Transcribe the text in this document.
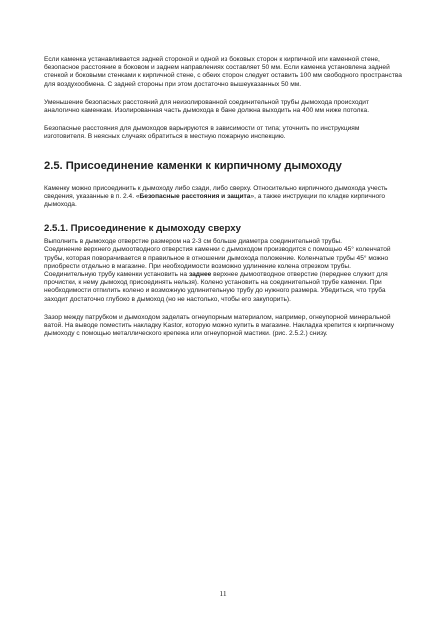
Если каменка устанавливается задней стороной и одной из боковых сторон к кирпичной иги каменной стене, безопасное расстояние в боковом и заднем направлениях составляет 50 мм. Если каменка установлена задней стенкой и боковыми стенками к кирпичной стене, с обеих сторон следует оставить 100 мм свободного пространства для воздухообмена. С задней стороны при этом достаточно вышеуказанных 50 мм.

Уменьшение безопасных расстояний для неизолированной соединительной трубы дымохода происходит аналогично каменкам. Изолированная часть дымохода в бане должна выходить на 400 мм ниже потолка.

Безопасные расстояния для дымоходов варьируются в зависимости от типа; уточнить по инструкциям изготовителя. В неясных случаях обратиться в местную пожарную инспекцию.

2.5. Присоединение каменки к кирпичному дымоходу

Каменку можно присоединить к дымоходу либо сзади, либо сверху. Относительно кирпичного дымохода учесть сведения, указанные в п. 2.4. «Безопасные расстояния и защита», а также инструкции по кладке кирпичного дымохода.

2.5.1. Присоединение к дымоходу сверху

Выполнить в дымоходе отверстие размером на 2-3 см больше диаметра соединительной трубы.

Соединение верхнего дымоотводного отверстия каменки с дымоходом производится с помощью 45° коленчатой трубы, которая поворачивается в правильное в отношении дымохода положение. Коленчатые трубы 45° можно приобрести отдельно в магазине. При необходимости возможно удлинение колена отрезком трубы. Соединительную трубу каменки установить на заднее верхнее дымоотводное отверстие (переднее служит для прочистки, к нему дымоход присоединять нельзя). Колено установить на соединительной трубе каменки. При необходимости отпилить колено и возможную удлинительную трубу до нужного размера. Убедиться, что труба заходит достаточно глубоко в дымоход (но не настолько, чтобы его закупорить).

Зазор между патрубком и дымоходом заделать огнеупорным материалом, например, огнеупорной минеральной ватой. На выводе поместить накладку Kastor, которую можно купить в магазине. Накладка крепится к кирпичному дымоходу с помощью металлического крепежа или огнеупорной мастики. (рис. 2.5.2.) снизу.

11
